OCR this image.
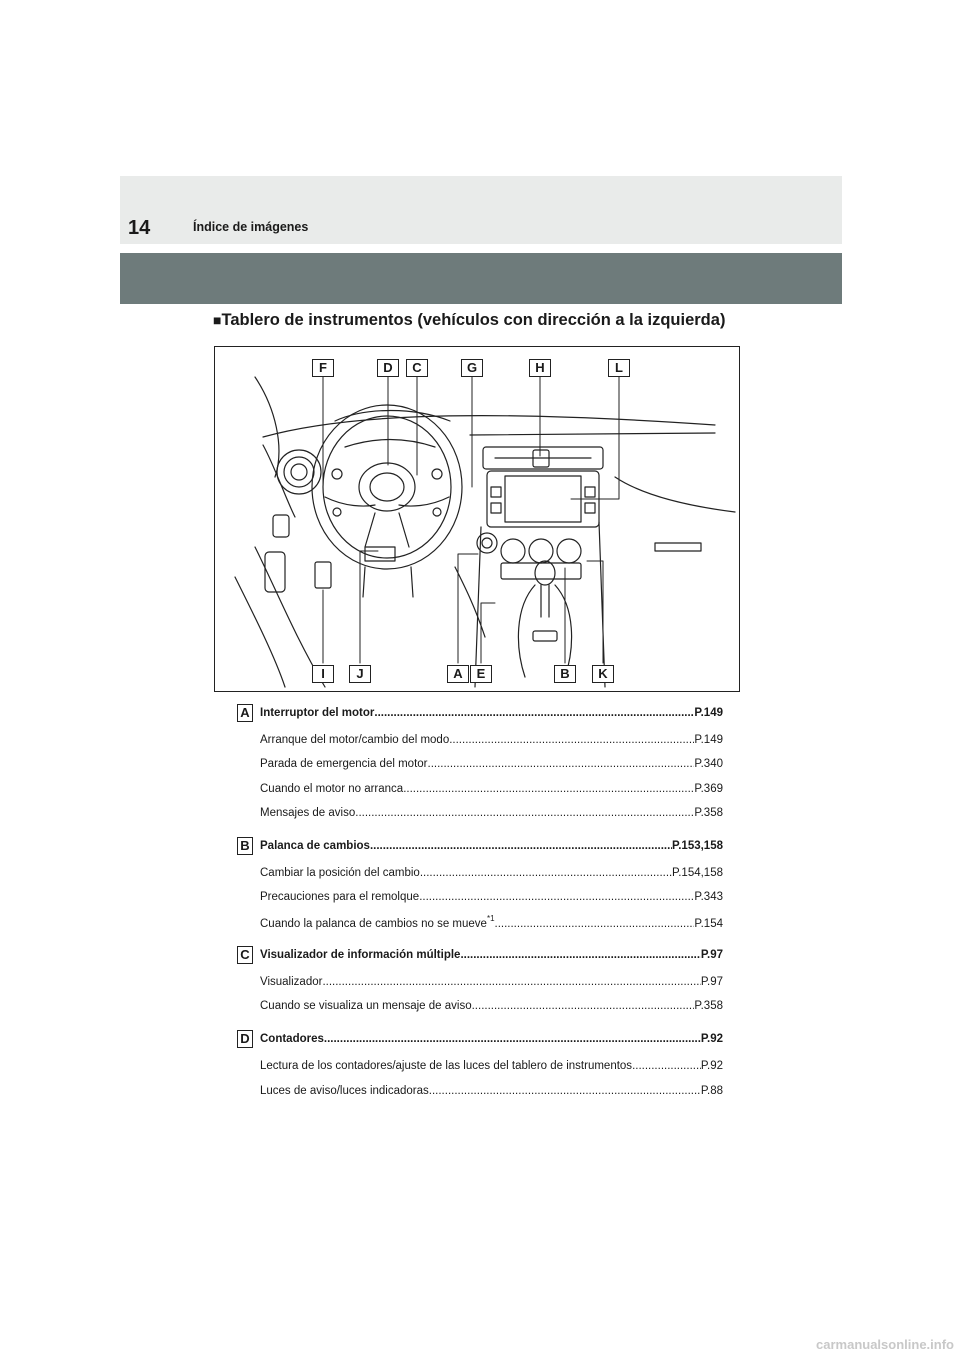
14	Índice de imágenes
■Tablero de instrumentos (vehículos con dirección a la izquierda)
F	D	C	G	H	L
I	J	A	E	B	K
A Interruptor del motor .....	P.149
Arranque del motor/cambio del modo .....	P.149
Parada de emergencia del motor .....	P.340
Cuando el motor no arranca .....	P.369
Mensajes de aviso .....	P.358
B Palanca de cambios .....	P.153,158
Cambiar la posición del cambio .....	P.154,158
Precauciones para el remolque .....	P.343
Cuando la palanca de cambios no se mueve *1 .....	P.154
C Visualizador de información múltiple .....	P.97
Visualizador .....	P.97
Cuando se visualiza un mensaje de aviso .....	P.358
D Contadores .....	P.92
Lectura de los contadores/ajuste de las luces del tablero de instrumentos .....	P.92
Luces de aviso/luces indicadoras .....	P.88
carmanualsonline.info
